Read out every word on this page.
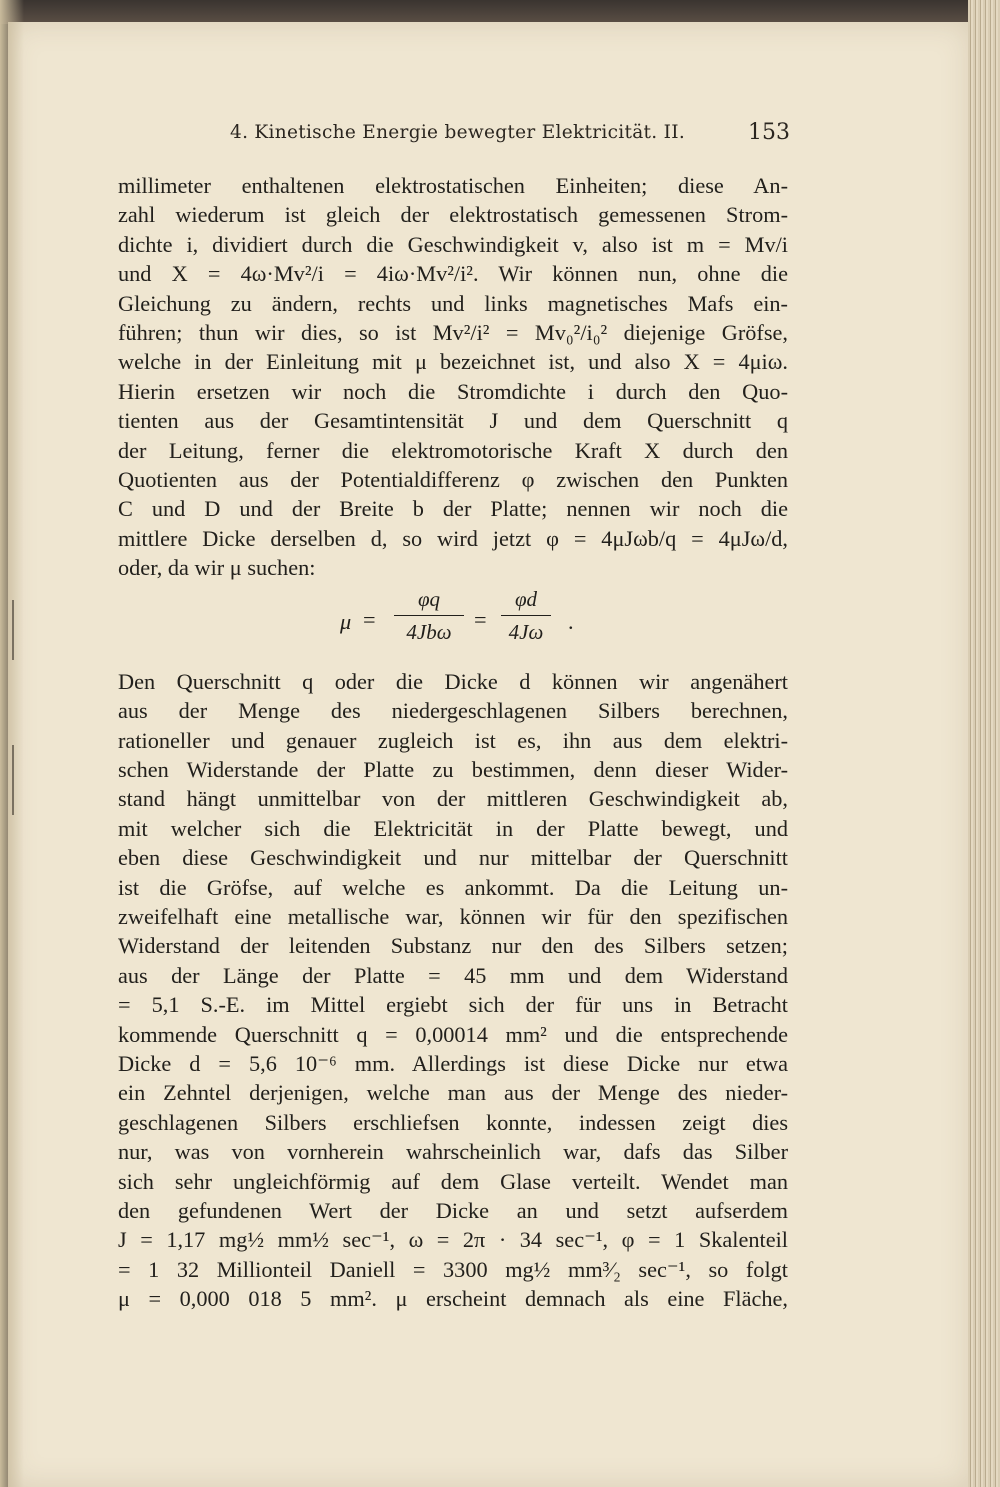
4. Kinetische Energie bewegter Elektricität. II.	153
millimeter enthaltenen elektrostatischen Einheiten; diese An-
zahl wiederum ist gleich der elektrostatisch gemessenen Strom-
dichte i, dividiert durch die Geschwindigkeit v, also ist m = Mv/i
und X = 4ω·Mv²/i = 4iω·Mv²/i². Wir können nun, ohne die
Gleichung zu ändern, rechts und links magnetisches Mafs ein-
führen; thun wir dies, so ist Mv²/i² = Mv₀²/i₀² diejenige Gröfse,
welche in der Einleitung mit μ bezeichnet ist, und also X = 4μiω.
Hierin ersetzen wir noch die Stromdichte i durch den Quo-
tienten aus der Gesamtintensität J und dem Querschnitt q
der Leitung, ferner die elektromotorische Kraft X durch den
Quotienten aus der Potentialdifferenz φ zwischen den Punkten
C und D und der Breite b der Platte; nennen wir noch die
mittlere Dicke derselben d, so wird jetzt φ = 4μJωb/q = 4μJω/d,
oder, da wir μ suchen:
μ =
φq
4Jbω
= $\frac{\varphi d}{4J\omega}$ .
Den Querschnitt q oder die Dicke d können wir angenähert
aus der Menge des niedergeschlagenen Silbers berechnen,
rationeller und genauer zugleich ist es, ihn aus dem elektri-
schen Widerstande der Platte zu bestimmen, denn dieser Wider-
stand hängt unmittelbar von der mittleren Geschwindigkeit ab,
mit welcher sich die Elektricität in der Platte bewegt, und
eben diese Geschwindigkeit und nur mittelbar der Querschnitt
ist die Gröfse, auf welche es ankommt. Da die Leitung un-
zweifelhaft eine metallische war, können wir für den spezifischen
Widerstand der leitenden Substanz nur den des Silbers setzen;
aus der Länge der Platte = 45 mm und dem Widerstand
= 5,1 S.-E. im Mittel ergiebt sich der für uns in Betracht
kommende Querschnitt q = 0,00014 mm² und die entsprechende
Dicke d = 5,6 10⁻⁶ mm. Allerdings ist diese Dicke nur etwa
ein Zehntel derjenigen, welche man aus der Menge des nieder-
geschlagenen Silbers erschliefsen konnte, indessen zeigt dies
nur, was von vornherein wahrscheinlich war, dafs das Silber
sich sehr ungleichförmig auf dem Glase verteilt. Wendet man
den gefundenen Wert der Dicke an und setzt aufserdem
J = 1,17 mg½ mm½ sec⁻¹, ω = 2π · 34 sec⁻¹, φ = 1 Skalenteil
= 1 32 Millionteil Daniell = 3300 mg½ mm³⁄₂ sec⁻¹, so folgt
μ = 0,000 018 5 mm². μ erscheint demnach als eine Fläche,
